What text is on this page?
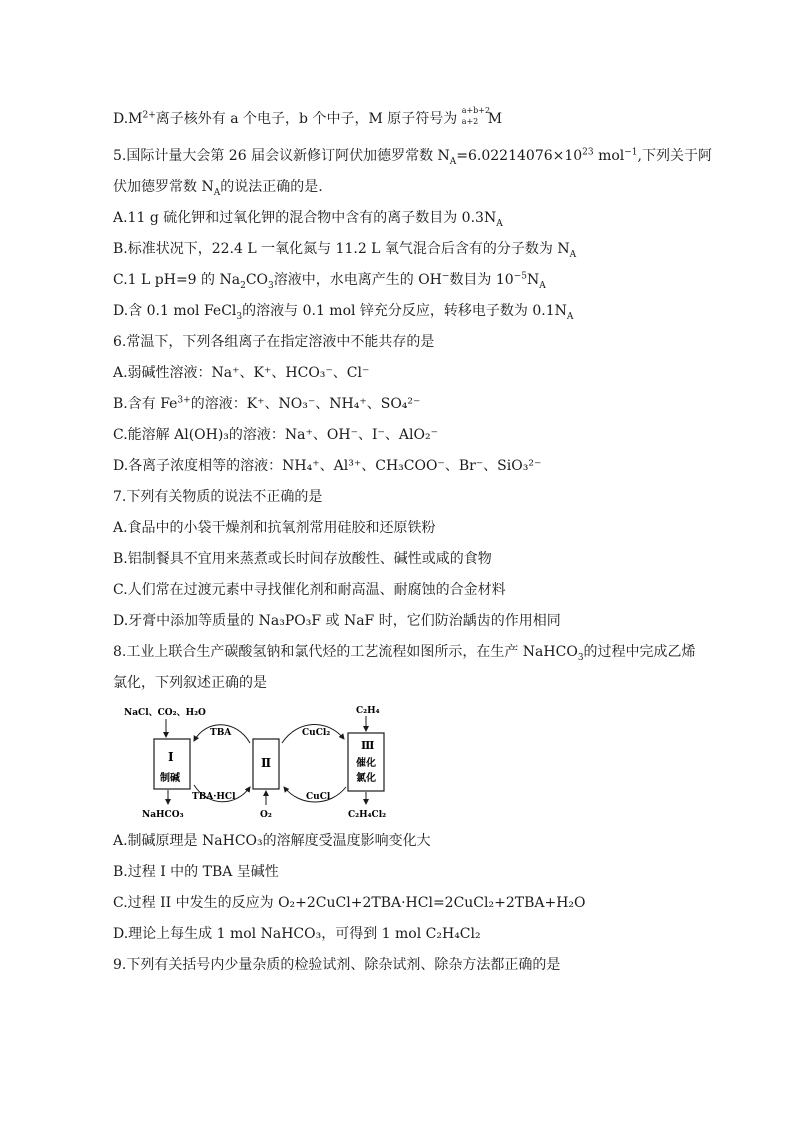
$D.M^{2+}$离子核外有 a 个电子，b 个中子，M 原子符号为
a+b+2
a+2 M
5.国际计量大会第 26 届会议新修订阿伏加德罗常数 $N_A=6.02214076\times 10^{23}$ mol$^{-1}$,下列关于阿
伏加德罗常数 $N_A$的说法正确的是.
A.11 g 硫化钾和过氧化钾的混合物中含有的离子数目为 $0.3N_A$
B.标准状况下，22.4 L 一氧化氮与 11.2 L 氧气混合后含有的分子数为 $N_A$
C.1 L pH=9 的 $Na_2CO_3$溶液中，水电离产生的 OH−数目为 $10^{-5}N_A$
D.含 0.1 mol FeCl$_3$的溶液与 0.1 mol 锌充分反应，转移电子数为 $0.1N_A$
6.常温下，下列各组离子在指定溶液中不能共存的是
A.弱碱性溶液：Na⁺、K⁺、HCO₃⁻、Cl⁻
B.含有 $Fe^{3+}$的溶液：K⁺、NO₃⁻、NH₄⁺、SO₄²⁻
C.能溶解 Al(OH)₃的溶液：Na⁺、OH⁻、I⁻、AlO₂⁻
D.各离子浓度相等的溶液：NH₄⁺、Al³⁺、CH₃COO⁻、Br⁻、SiO₃²⁻
7.下列有关物质的说法不正确的是
A.食品中的小袋干燥剂和抗氧剂常用硅胶和还原铁粉
B.铝制餐具不宜用来蒸煮或长时间存放酸性、碱性或咸的食物
C.人们常在过渡元素中寻找催化剂和耐高温、耐腐蚀的合金材料
D.牙膏中添加等质量的 Na₃PO₃F 或 NaF 时，它们防治龋齿的作用相同
8.工业上联合生产碳酸氢钠和氯代烃的工艺流程如图所示，在生产 NaHCO$_3$的过程中完成乙烯
氯化，下列叙述正确的是
NaCl、CO₂、H₂O	C₂H₄
NaHCO₃	O₂	C₂H₄Cl₂
TBA
TBA·HCl
CuCl₂
CuCl
I
制碱
Ⅱ
Ⅲ
催化
氯化
A.制碱原理是 NaHCO₃的溶解度受温度影响变化大
B.过程 I 中的 TBA 呈碱性
C.过程 II 中发生的反应为 O₂+2CuCl+2TBA·HCl=2CuCl₂+2TBA+H₂O
D.理论上每生成 1 mol NaHCO₃，可得到 1 mol C₂H₄Cl₂
9.下列有关括号内少量杂质的检验试剂、除杂试剂、除杂方法都正确的是
